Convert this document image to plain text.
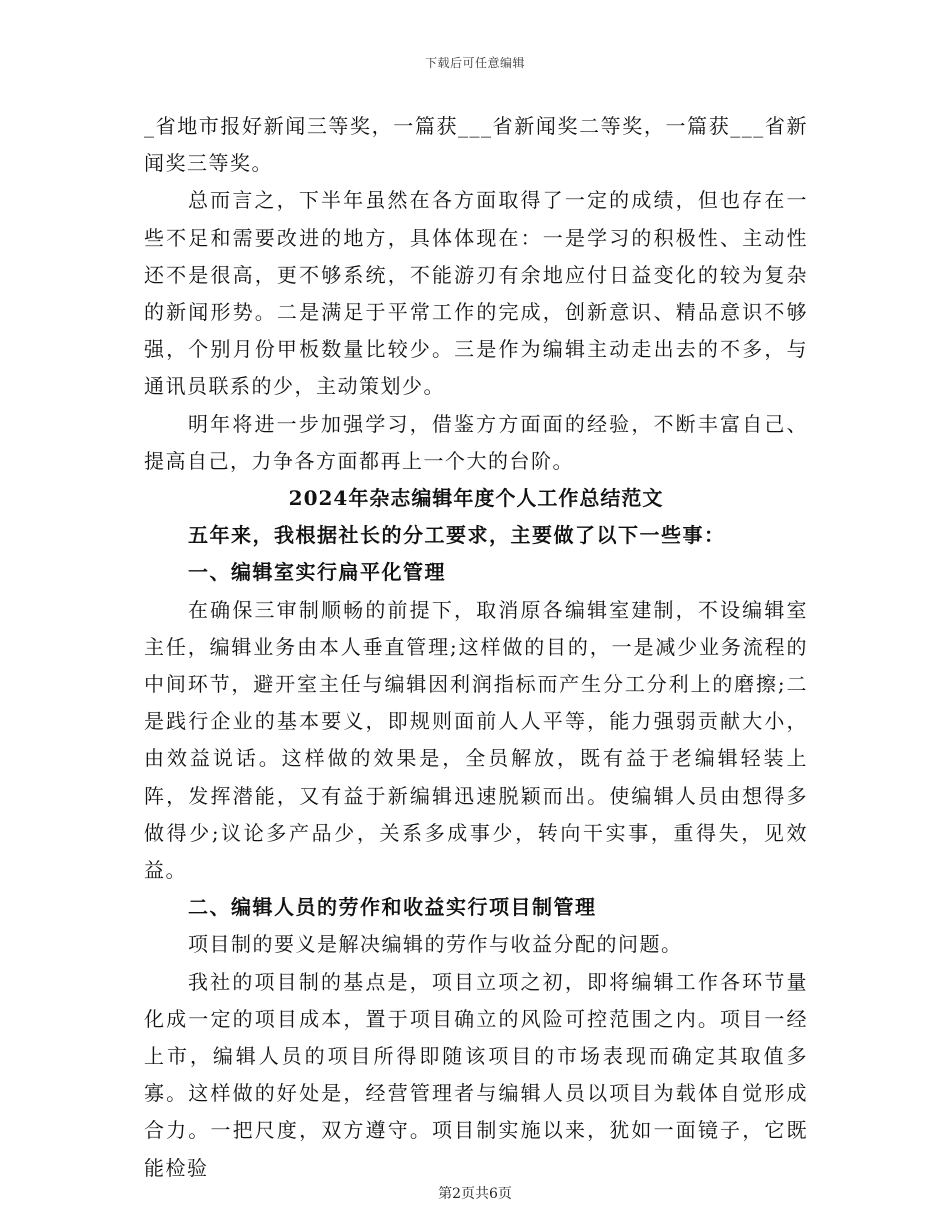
下载后可任意编辑

_省地市报好新闻三等奖，一篇获___省新闻奖二等奖，一篇获___省新闻奖三等奖。

总而言之，下半年虽然在各方面取得了一定的成绩，但也存在一些不足和需要改进的地方，具体体现在：一是学习的积极性、主动性还不是很高，更不够系统，不能游刃有余地应付日益变化的较为复杂的新闻形势。二是满足于平常工作的完成，创新意识、精品意识不够强，个别月份甲板数量比较少。三是作为编辑主动走出去的不多，与通讯员联系的少，主动策划少。

明年将进一步加强学习，借鉴方方面面的经验，不断丰富自己、提高自己，力争各方面都再上一个大的台阶。

2024年杂志编辑年度个人工作总结范文

五年来，我根据社长的分工要求，主要做了以下一些事：

一、编辑室实行扁平化管理

在确保三审制顺畅的前提下，取消原各编辑室建制，不设编辑室主任，编辑业务由本人垂直管理;这样做的目的，一是减少业务流程的中间环节，避开室主任与编辑因利润指标而产生分工分利上的磨擦;二是践行企业的基本要义，即规则面前人人平等，能力强弱贡献大小，由效益说话。这样做的效果是，全员解放，既有益于老编辑轻装上阵，发挥潜能，又有益于新编辑迅速脱颖而出。使编辑人员由想得多做得少;议论多产品少，关系多成事少，转向干实事，重得失，见效益。

二、编辑人员的劳作和收益实行项目制管理

项目制的要义是解决编辑的劳作与收益分配的问题。

我社的项目制的基点是，项目立项之初，即将编辑工作各环节量化成一定的项目成本，置于项目确立的风险可控范围之内。项目一经上市，编辑人员的项目所得即随该项目的市场表现而确定其取值多寡。这样做的好处是，经营管理者与编辑人员以项目为载体自觉形成合力。一把尺度，双方遵守。项目制实施以来，犹如一面镜子，它既能检验

第2页共6页
